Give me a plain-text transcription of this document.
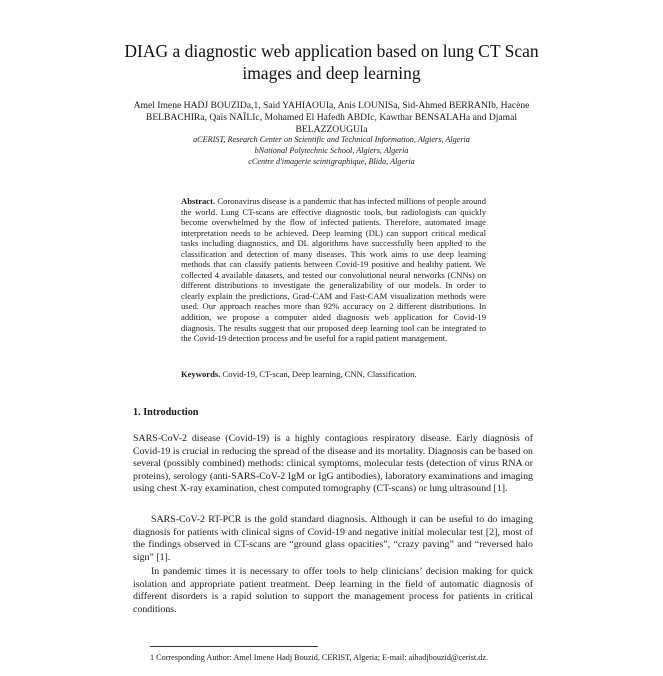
DIAG a diagnostic web application based on lung CT Scan images and deep learning
Amel Imene HADJ BOUZIDa,1, Said YAHIAOUIa, Anis LOUNISa, Sid-Ahmed BERRANIb, Hacène BELBACHIRa, Qaïs NAÏLIc, Mohamed El Hafedh ABDIc, Kawthar BENSALAHa and Djamal BELAZZOUGUIa
aCERIST, Research Center on Scientific and Technical Information, Algiers, Algeria
bNational Polytechnic School, Algiers, Algeria
cCentre d'imagerie scintigraphique, Blida, Algeria
Abstract. Coronavirus disease is a pandemic that has infected millions of people around the world. Lung CT-scans are effective diagnostic tools, but radiologists can quickly become overwhelmed by the flow of infected patients. Therefore, automated image interpretation needs to be achieved. Deep learning (DL) can support critical medical tasks including diagnostics, and DL algorithms have successfully been applied to the classification and detection of many diseases. This work aims to use deep learning methods that can classify patients between Covid-19 positive and healthy patient. We collected 4 available datasets, and tested our convolutional neural networks (CNNs) on different distributions to investigate the generalizability of our models. In order to clearly explain the predictions, Grad-CAM and Fast-CAM visualization methods were used. Our approach reaches more than 92% accuracy on 2 different distributions. In addition, we propose a computer aided diagnosis web application for Covid-19 diagnosis. The results suggest that our proposed deep learning tool can be integrated to the Covid-19 detection process and be useful for a rapid patient management.
Keywords. Covid-19, CT-scan, Deep learning, CNN, Classification.
1. Introduction
SARS-CoV-2 disease (Covid-19) is a highly contagious respiratory disease. Early diagnosis of Covid-19 is crucial in reducing the spread of the disease and its mortality. Diagnosis can be based on several (possibly combined) methods: clinical symptoms, molecular tests (detection of virus RNA or proteins), serology (anti-SARS-CoV-2 IgM or IgG antibodies), laboratory examinations and imaging using chest X-ray examination, chest computed tomography (CT-scans) or lung ultrasound [1].
SARS-CoV-2 RT-PCR is the gold standard diagnosis. Although it can be useful to do imaging diagnosis for patients with clinical signs of Covid-19 and negative initial molecular test [2], most of the findings observed in CT-scans are “ground glass opacities”, “crazy paving” and “reversed halo sign” [1].
In pandemic times it is necessary to offer tools to help clinicians’ decision making for quick isolation and appropriate patient treatment. Deep learning in the field of automatic diagnosis of different disorders is a rapid solution to support the management process for patients in critical conditions.
1 Corresponding Author: Amel Imene Hadj Bouzid, CERIST, Algeria; E-mail: aihadjbouzid@cerist.dz.
